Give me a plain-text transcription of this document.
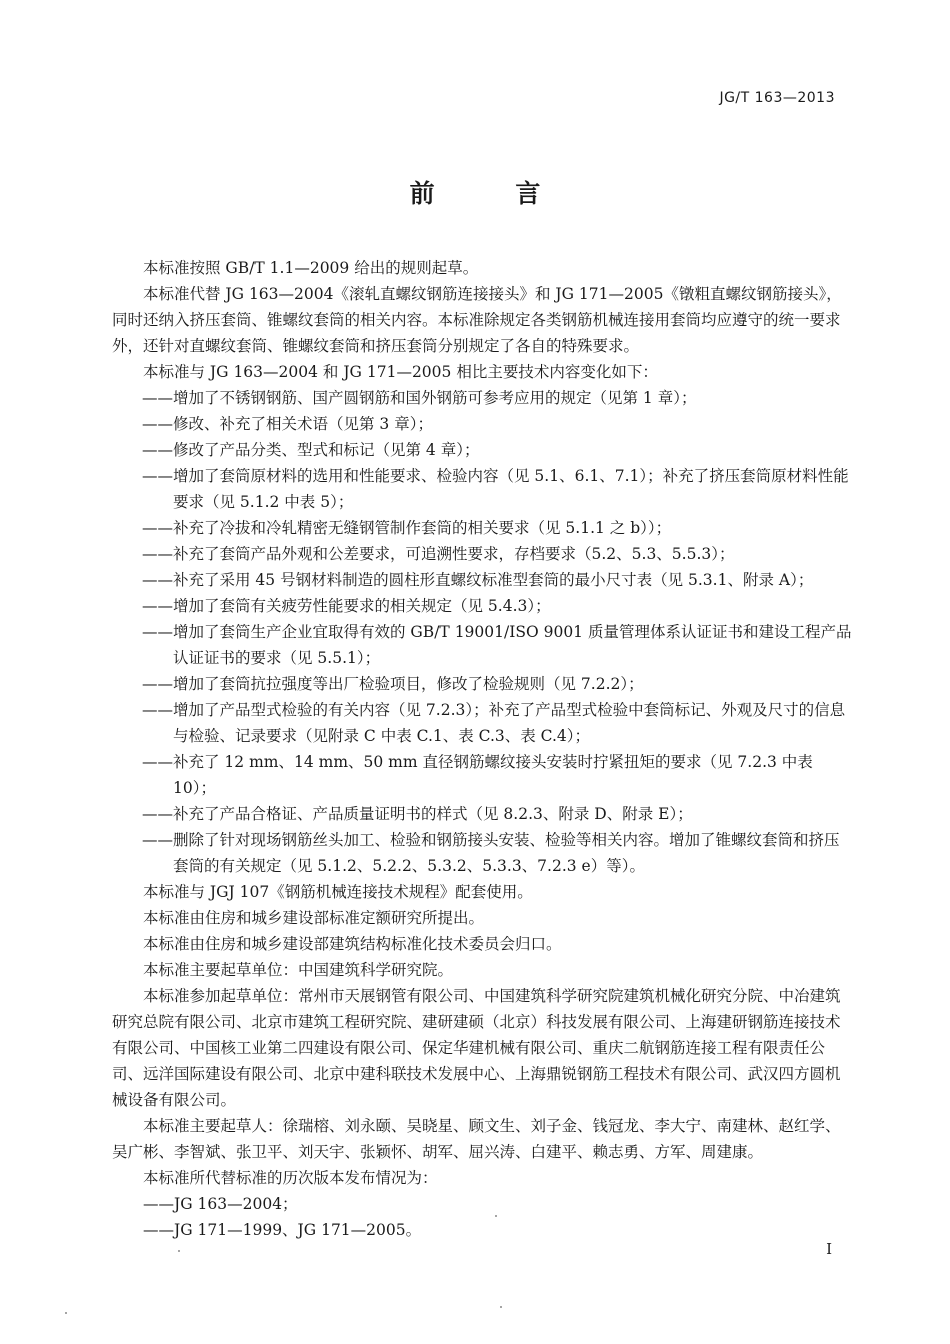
JG/T 163—2013
前 言

本标准按照 GB/T 1.1—2009 给出的规则起草。

本标准代替 JG 163—2004《滚轧直螺纹钢筋连接接头》和 JG 171—2005《镦粗直螺纹钢筋接头》，同时还纳入挤压套筒、锥螺纹套筒的相关内容。本标准除规定各类钢筋机械连接用套筒均应遵守的统一要求外，还针对直螺纹套筒、锥螺纹套筒和挤压套筒分别规定了各自的特殊要求。

本标准与 JG 163—2004 和 JG 171—2005 相比主要技术内容变化如下：

——增加了不锈钢钢筋、国产圆钢筋和国外钢筋可参考应用的规定（见第 1 章）；

——修改、补充了相关术语（见第 3 章）；

——修改了产品分类、型式和标记（见第 4 章）；

——增加了套筒原材料的选用和性能要求、检验内容（见 5.1、6.1、7.1）；补充了挤压套筒原材料性能要求（见 5.1.2 中表 5）；

——补充了冷拔和冷轧精密无缝钢管制作套筒的相关要求（见 5.1.1 之 b））；

——补充了套筒产品外观和公差要求，可追溯性要求，存档要求（5.2、5.3、5.5.3）；

——补充了采用 45 号钢材料制造的圆柱形直螺纹标准型套筒的最小尺寸表（见 5.3.1、附录 A）；

——增加了套筒有关疲劳性能要求的相关规定（见 5.4.3）；

——增加了套筒生产企业宜取得有效的 GB/T 19001/ISO 9001 质量管理体系认证证书和建设工程产品认证证书的要求（见 5.5.1）；

——增加了套筒抗拉强度等出厂检验项目，修改了检验规则（见 7.2.2）；

——增加了产品型式检验的有关内容（见 7.2.3）；补充了产品型式检验中套筒标记、外观及尺寸的信息与检验、记录要求（见附录 C 中表 C.1、表 C.3、表 C.4）；

——补充了 12 mm、14 mm、50 mm 直径钢筋螺纹接头安装时拧紧扭矩的要求（见 7.2.3 中表 10）；

——补充了产品合格证、产品质量证明书的样式（见 8.2.3、附录 D、附录 E）；

——删除了针对现场钢筋丝头加工、检验和钢筋接头安装、检验等相关内容。增加了锥螺纹套筒和挤压套筒的有关规定（见 5.1.2、5.2.2、5.3.2、5.3.3、7.2.3 e）等）。

本标准与 JGJ 107《钢筋机械连接技术规程》配套使用。

本标准由住房和城乡建设部标准定额研究所提出。

本标准由住房和城乡建设部建筑结构标准化技术委员会归口。

本标准主要起草单位：中国建筑科学研究院。

本标准参加起草单位：常州市天展钢管有限公司、中国建筑科学研究院建筑机械化研究分院、中冶建筑研究总院有限公司、北京市建筑工程研究院、建研建硕（北京）科技发展有限公司、上海建研钢筋连接技术有限公司、中国核工业第二四建设有限公司、保定华建机械有限公司、重庆二航钢筋连接工程有限责任公司、远洋国际建设有限公司、北京中建科联技术发展中心、上海鼎锐钢筋工程技术有限公司、武汉四方圆机械设备有限公司。

本标准主要起草人：徐瑞榕、刘永颐、吴晓星、顾文生、刘子金、钱冠龙、李大宁、南建林、赵红学、吴广彬、李智斌、张卫平、刘天宇、张颖怀、胡军、屈兴涛、白建平、赖志勇、方军、周建康。

本标准所代替标准的历次版本发布情况为：

——JG 163—2004；

——JG 171—1999、JG 171—2005。

I
